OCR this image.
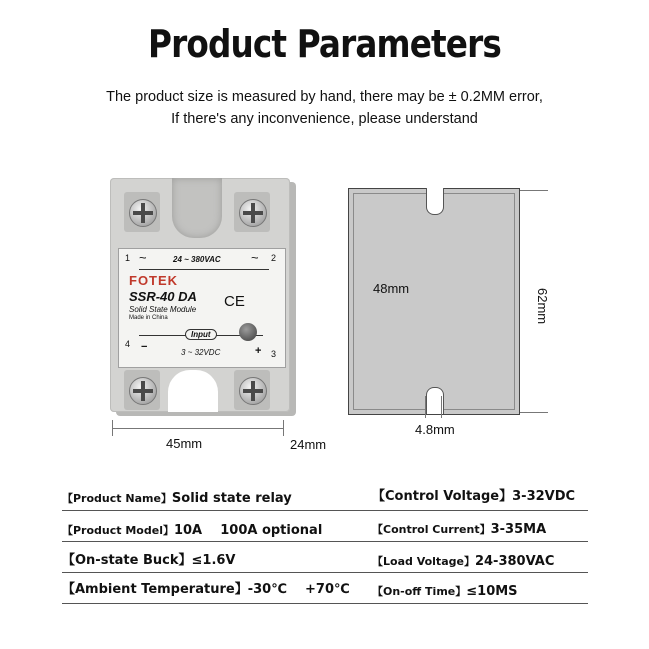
Product Parameters
The product size is measured by hand, there may be ± 0.2MM error,
If there's any inconvenience, please understand
1	2
3
4
~	~
24 ~ 380VAC
FOTEK
SSR-40 DA CE
Solid State Module
Made in China
Input
−	+
3 ~ 32VDC
45mm	24mm
48mm	62mm
4.8mm
【Product Name】Solid state relay	【Control Voltage】3-32VDC
【Product Model】10A    100A optional	【Control Current】3-35MA
【On-state Buck】≤1.6V	【Load Voltage】24-380VAC
【Ambient Temperature】-30℃    +70℃ 【On-off Time】≤10MS
